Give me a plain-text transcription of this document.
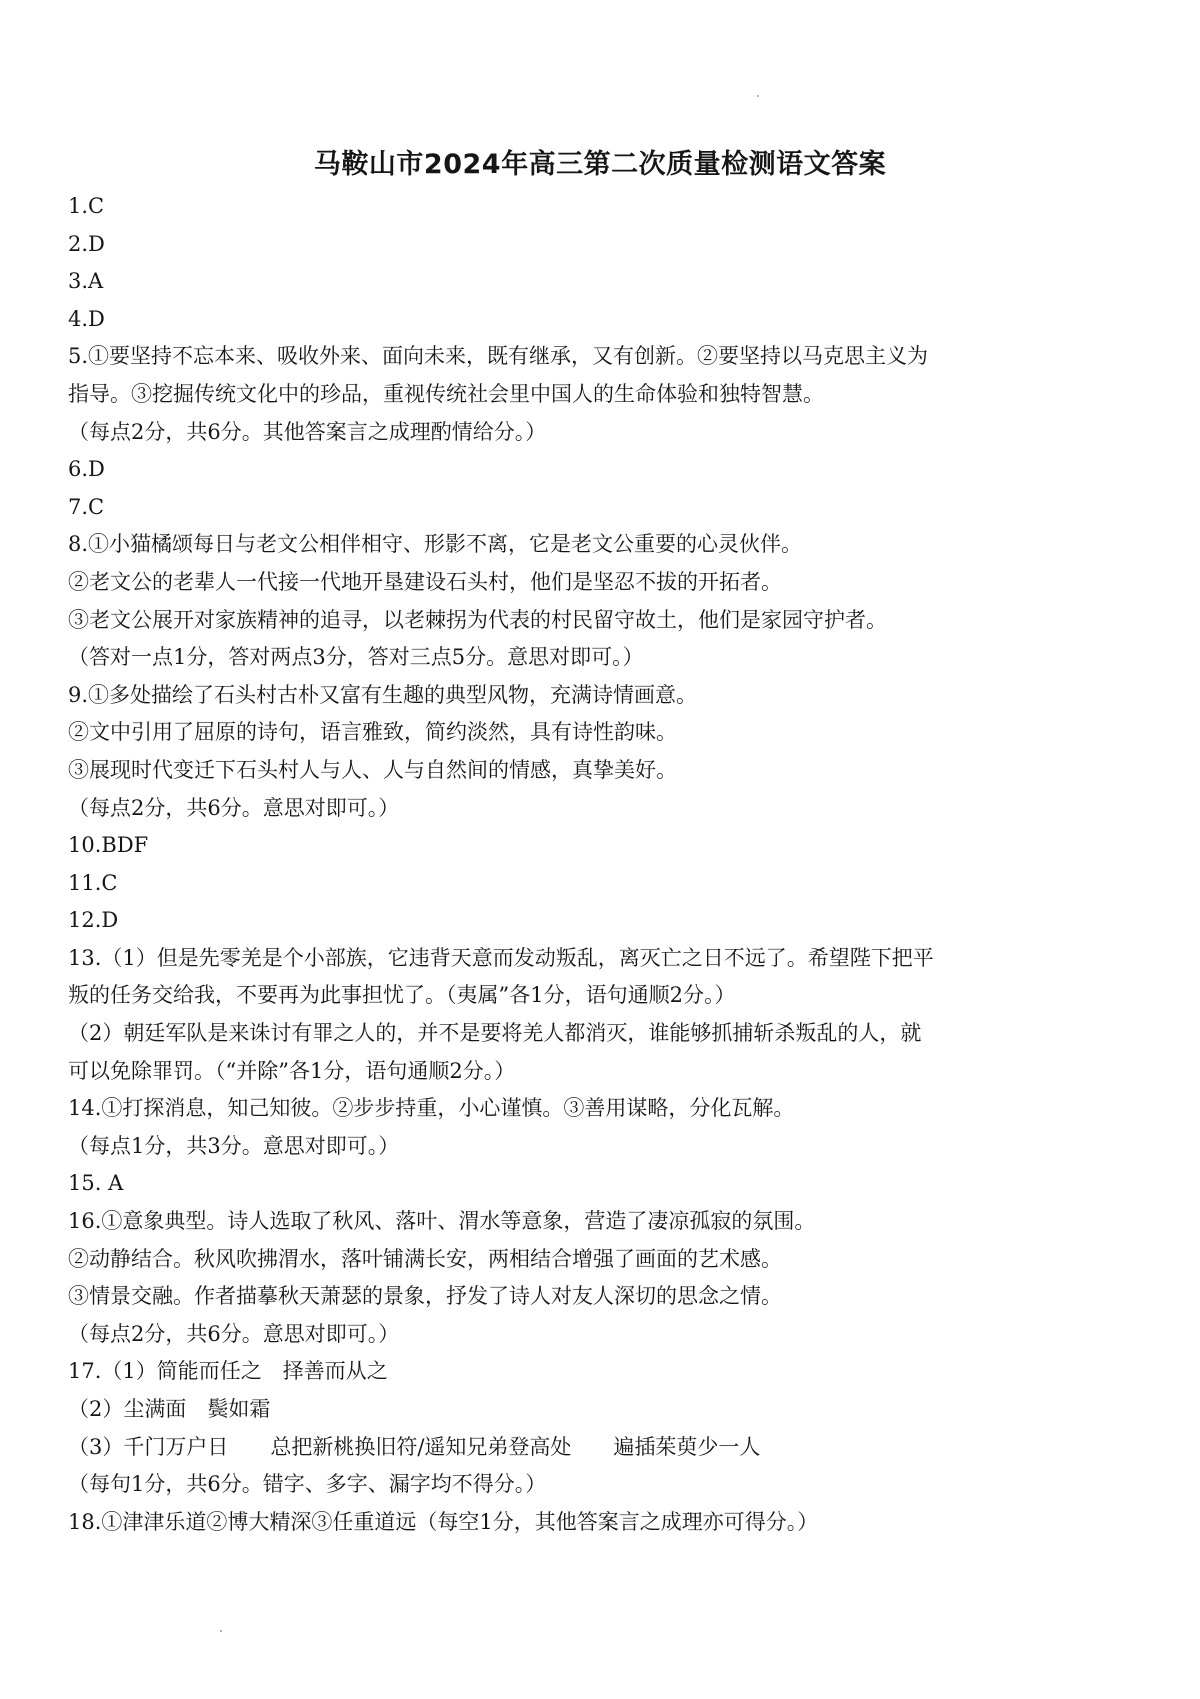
马鞍山市2024年高三第二次质量检测语文答案
1.C
2.D
3.A
4.D
5.①要坚持不忘本来、吸收外来、面向未来，既有继承，又有创新。②要坚持以马克思主义为
指导。③挖掘传统文化中的珍品，重视传统社会里中国人的生命体验和独特智慧。
（每点2分，共6分。其他答案言之成理酌情给分。）
6.D
7.C
8.①小猫橘颂每日与老文公相伴相守、形影不离，它是老文公重要的心灵伙伴。
②老文公的老辈人一代接一代地开垦建设石头村，他们是坚忍不拔的开拓者。
③老文公展开对家族精神的追寻，以老棘拐为代表的村民留守故土，他们是家园守护者。
（答对一点1分，答对两点3分，答对三点5分。意思对即可。）
9.①多处描绘了石头村古朴又富有生趣的典型风物，充满诗情画意。
②文中引用了屈原的诗句，语言雅致，简约淡然，具有诗性韵味。
③展现时代变迁下石头村人与人、人与自然间的情感，真挚美好。
（每点2分，共6分。意思对即可。）
10.BDF
11.C
12.D
13.（1）但是先零羌是个小部族，它违背天意而发动叛乱，离灭亡之日不远了。希望陛下把平
叛的任务交给我，不要再为此事担忧了。（夷属”各1分，语句通顺2分。）
（2）朝廷军队是来诛讨有罪之人的，并不是要将羌人都消灭，谁能够抓捕斩杀叛乱的人，就
可以免除罪罚。（“并除”各1分，语句通顺2分。）
14.①打探消息，知己知彼。②步步持重，小心谨慎。③善用谋略，分化瓦解。
（每点1分，共3分。意思对即可。）
15. A
16.①意象典型。诗人选取了秋风、落叶、渭水等意象，营造了凄凉孤寂的氛围。
②动静结合。秋风吹拂渭水，落叶铺满长安，两相结合增强了画面的艺术感。
③情景交融。作者描摹秋天萧瑟的景象，抒发了诗人对友人深切的思念之情。
（每点2分，共6分。意思对即可。）
17.（1）简能而任之　择善而从之
（2）尘满面　鬓如霜
（3）千门万户日　　总把新桃换旧符/遥知兄弟登高处　　遍插茱萸少一人
（每句1分，共6分。错字、多字、漏字均不得分。）
18.①津津乐道②博大精深③任重道远（每空1分，其他答案言之成理亦可得分。）
